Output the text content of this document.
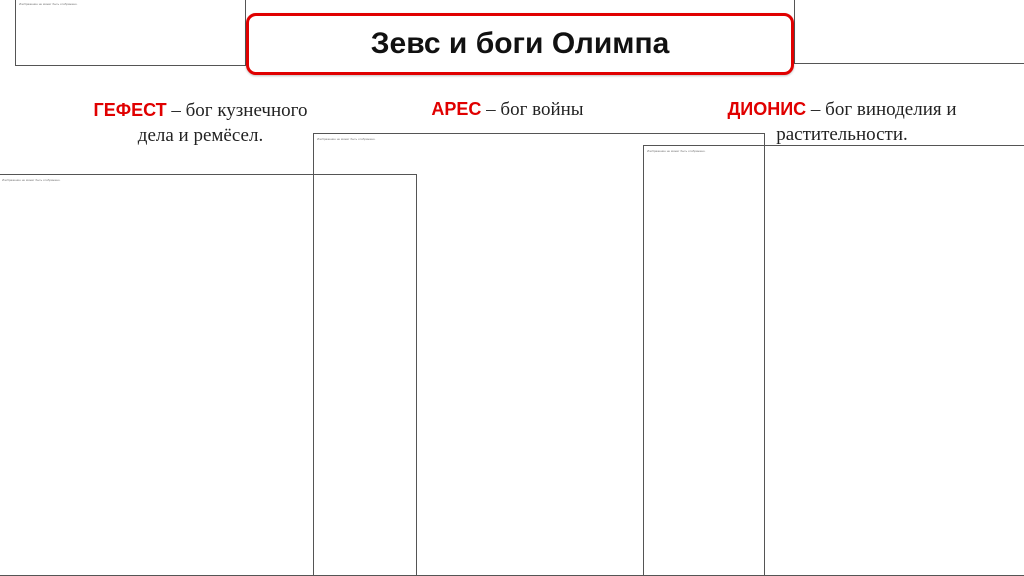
Изображение не может быть отображено.
Изображение не может быть отображено.
Изображение не может быть отображено.
Изображение не может быть отображено.
Зевс и боги Олимпа
ГЕФЕСТ – бог кузнечного
дела и ремёсел.
АРЕС – бог войны	ДИОНИС – бог виноделия и
растительности.
